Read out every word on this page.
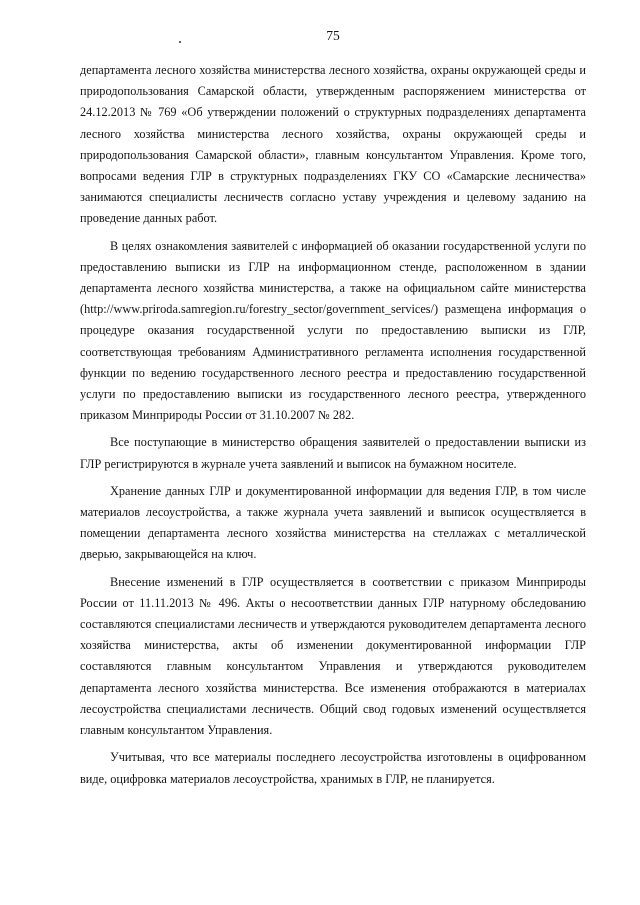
75

департамента лесного хозяйства министерства лесного хозяйства, охраны окружающей среды и природопользования Самарской области, утвержденным распоряжением министерства от 24.12.2013 № 769 «Об утверждении положений о структурных подразделениях департамента лесного хозяйства министерства лесного хозяйства, охраны окружающей среды и природопользования Самарской области», главным консультантом Управления. Кроме того, вопросами ведения ГЛР в структурных подразделениях ГКУ СО «Самарские лесничества» занимаются специалисты лесничеств согласно уставу учреждения и целевому заданию на проведение данных работ.

В целях ознакомления заявителей с информацией об оказании государственной услуги по предоставлению выписки из ГЛР на информационном стенде, расположенном в здании департамента лесного хозяйства министерства, а также на официальном сайте министерства (http://www.priroda.samregion.ru/forestry_sector/government_services/) размещена информация о процедуре оказания государственной услуги по предоставлению выписки из ГЛР, соответствующая требованиям Административного регламента исполнения государственной функции по ведению государственного лесного реестра и предоставлению государственной услуги по предоставлению выписки из государственного лесного реестра, утвержденного приказом Минприроды России от 31.10.2007 № 282.

Все поступающие в министерство обращения заявителей о предоставлении выписки из ГЛР регистрируются в журнале учета заявлений и выписок на бумажном носителе.

Хранение данных ГЛР и документированной информации для ведения ГЛР, в том числе материалов лесоустройства, а также журнала учета заявлений и выписок осуществляется в помещении департамента лесного хозяйства министерства на стеллажах с металлической дверью, закрывающейся на ключ.

Внесение изменений в ГЛР осуществляется в соответствии с приказом Минприроды России от 11.11.2013 № 496. Акты о несоответствии данных ГЛР натурному обследованию составляются специалистами лесничеств и утверждаются руководителем департамента лесного хозяйства министерства, акты об изменении документированной информации ГЛР составляются главным консультантом Управления и утверждаются руководителем департамента лесного хозяйства министерства. Все изменения отображаются в материалах лесоустройства специалистами лесничеств. Общий свод годовых изменений осуществляется главным консультантом Управления.

Учитывая, что все материалы последнего лесоустройства изготовлены в оцифрованном виде, оцифровка материалов лесоустройства, хранимых в ГЛР, не планируется.
